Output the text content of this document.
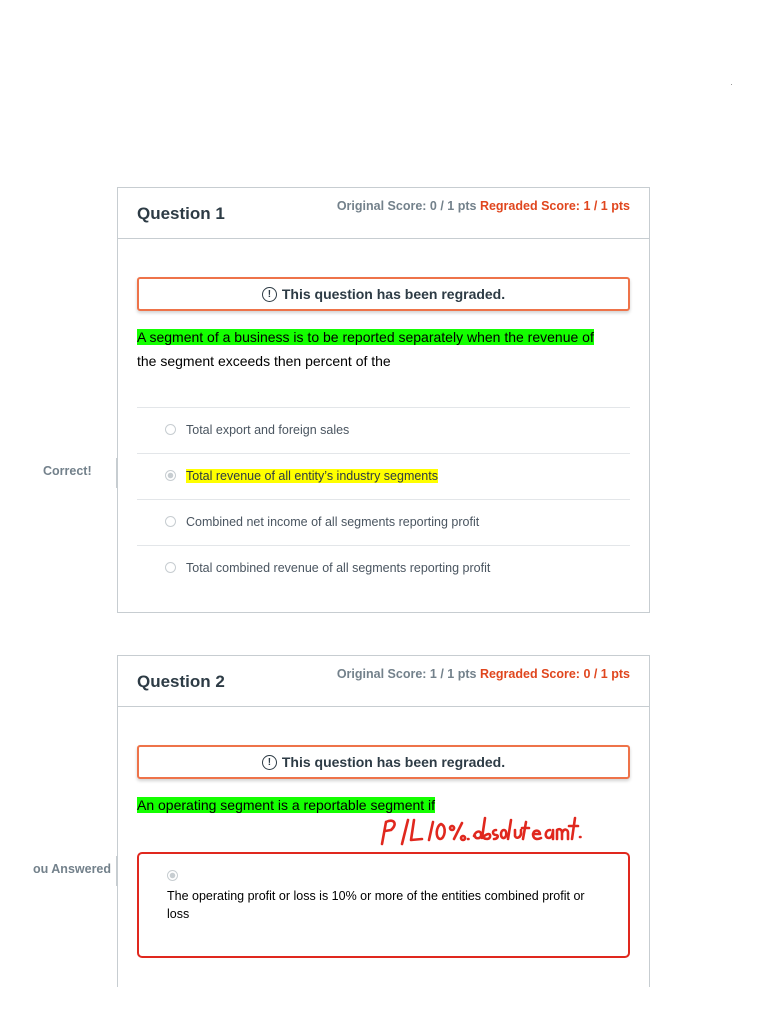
Question 1	Original Score: 0 / 1 pts Regraded Score: 1 / 1 pts
! This question has been regraded.
A segment of a business is to be reported separately when the revenue of
the segment exceeds then percent of the
Total export and foreign sales
Total revenue of all entity’s industry segments
Combined net income of all segments reporting profit
Total combined revenue of all segments reporting profit
Correct!
Question 2	Original Score: 1 / 1 pts Regraded Score: 0 / 1 pts
! This question has been regraded.
An operating segment is a reportable segment if
The operating profit or loss is 10% or more of the entities combined profit or loss
ou Answered
